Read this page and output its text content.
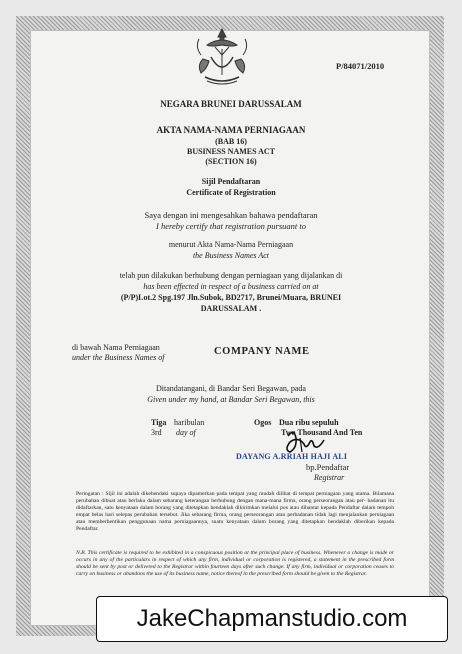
P/84071/2010
NEGARA BRUNEI DARUSSALAM
AKTA NAMA-NAMA PERNIAGAAN
(BAB 16)
BUSINESS NAMES ACT
(SECTION 16)
Sijil Pendaftaran
Certificate of Registration
Saya dengan ini mengesahkan bahawa pendaftaran
I hereby certify that registration pursuant to
menurut Akta Nama-Nama Perniagaan
the Business Names Act
telah pun dilakukan berhubung dengan perniagaan yang dijalankan di
has been effected in respect of a business carried on at
(P/P)Lot.2 Spg.197 Jln.Subok, BD2717, Brunei/Muara, BRUNEI
DARUSSALAM .
di bawah Nama Perniagaan
under the Business Names of
COMPANY NAME
Ditandatangani, di Bandar Seri Begawan, pada
Given under my hand, at Bandar Seri Begawan, this
Tiga
3rd
haribulan
day of
Ogos Dua ribu sepuluh
Two Thousand And Ten
DAYANG A.RRIAH HAJI ALI
bp.Pendaftar
Registrar
Peringatan : Sijil ini adalah dikehendaki supaya dipamerkan pada tempat yang mudah dilihat di tempat perniagaan yang utama. Bilamana perubahan dibuat atau berlaku dalam sebarang keterangan berhubung dengan mana-mana firma, orang perseorangan atau per- badanan itu didaftarkan, satu kenyataan dalam borang yang ditetapkan hendaklah dikirimkan melalui pos atau dihantar kepada Pendaftar dalam tempoh empat belas hari selepas perubahan tersebut. Jika sebarang firma, orang perseorangan atau perbadanan tidak lagi menjalankan perniagaan atau memberhentikan penggunaan nama perniagaannya, suatu kenyataan dalam borang yang ditetapkan hendaklah diberikan kepada Pendaftar.
N.B. This certificate is required to be exhibited in a conspicuous position at the principal place of business. Whenever a change is made or occurs in any of the particulars in respect of which any firm, individual or corporation is registered, a statement in the prescribed form should be sent by post or delivered to the Registrar within fourteen days after such change. If any firm, individual or corporation ceases to carry on business or abandons the use of its business name, notice thereof in the prescribed form should be given to the Registrar.
JakeChapmanstudio.com
